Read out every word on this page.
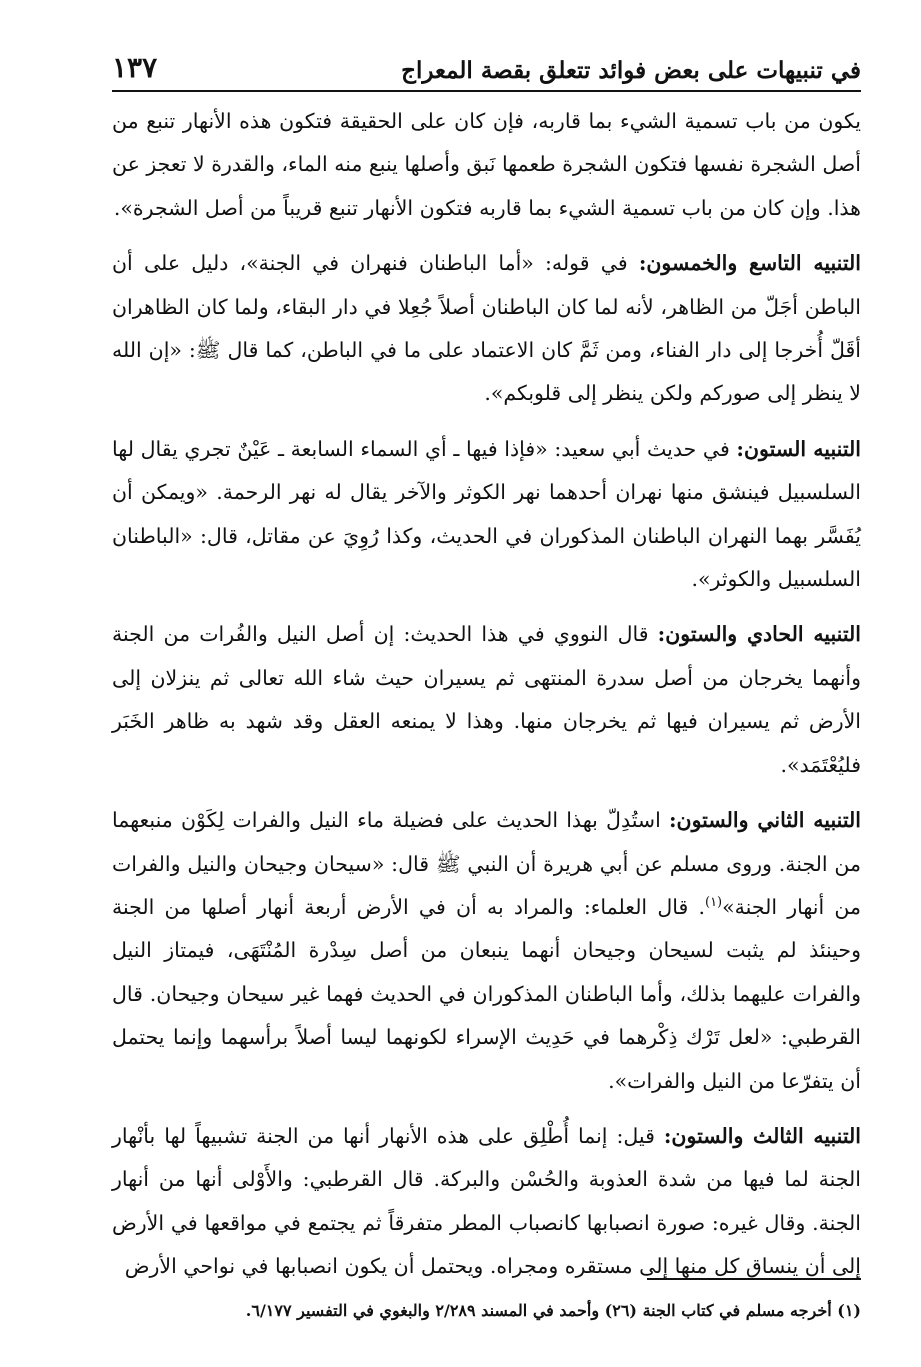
في تنبيهات على بعض فوائد تتعلق بقصة المعراج
١٣٧

يكون من باب تسمية الشيء بما قاربه، فإن كان على الحقيقة فتكون هذه الأنهار تنبع من أصل الشجرة نفسها فتكون الشجرة طعمها نَبق وأصلها ينبع منه الماء، والقدرة لا تعجز عن هذا. وإن كان من باب تسمية الشيء بما قاربه فتكون الأنهار تنبع قريباً من أصل الشجرة».

التنبيه التاسع والخمسون: في قوله: «أما الباطنان فنهران في الجنة»، دليل على أن الباطن أجَلّ من الظاهر، لأنه لما كان الباطنان أصلاً جُعِلا في دار البقاء، ولما كان الظاهران أقَلّ أُخرجا إلى دار الفناء، ومن ثَمَّ كان الاعتماد على ما في الباطن، كما قال ﷺ: «إن الله لا ينظر إلى صوركم ولكن ينظر إلى قلوبكم».

التنبيه الستون: في حديث أبي سعيد: «فإذا فيها ـ أي السماء السابعة ـ عَيْنٌ تجري يقال لها السلسبيل فينشق منها نهران أحدهما نهر الكوثر والآخر يقال له نهر الرحمة. «ويمكن أن يُفَسَّر بهما النهران الباطنان المذكوران في الحديث، وكذا رُوِيَ عن مقاتل، قال: «الباطنان السلسبيل والكوثر».

التنبيه الحادي والستون: قال النووي في هذا الحديث: إن أصل النيل والفُرات من الجنة وأنهما يخرجان من أصل سدرة المنتهى ثم يسيران حيث شاء الله تعالى ثم ينزلان إلى الأرض ثم يسيران فيها ثم يخرجان منها. وهذا لا يمنعه العقل وقد شهد به ظاهر الخَبَر فليُعْتَمَد».

التنبيه الثاني والستون: استُدِلّ بهذا الحديث على فضيلة ماء النيل والفرات لِكَوْن منبعهما من الجنة. وروى مسلم عن أبي هريرة أن النبي ﷺ قال: «سيحان وجيحان والنيل والفرات من أنهار الجنة»$^{(١)}$. قال العلماء: والمراد به أن في الأرض أربعة أنهار أصلها من الجنة وحينئذ لم يثبت لسيحان وجيحان أنهما ينبعان من أصل سِدْرة المُنْتَهَى، فيمتاز النيل والفرات عليهما بذلك، وأما الباطنان المذكوران في الحديث فهما غير سيحان وجيحان. قال القرطبي: «لعل تَرْك ذِكْرهما في حَدِيث الإسراء لكونهما ليسا أصلاً برأسهما وإنما يحتمل أن يتفرّعا من النيل والفرات».

التنبيه الثالث والستون: قيل: إنما أُطْلِق على هذه الأنهار أنها من الجنة تشبيهاً لها بأنْهار الجنة لما فيها من شدة العذوبة والحُسْن والبركة. قال القرطبي: والأَوْلى أنها من أنهار الجنة. وقال غيره: صورة انصبابها كانصباب المطر متفرقاً ثم يجتمع في مواقعها في الأرض إلى أن ينساق كل منها إلى مستقره ومجراه. ويحتمل أن يكون انصبابها في نواحي الأرض

(١) أخرجه مسلم في كتاب الجنة (٢٦) وأحمد في المسند ٢/٢٨٩ والبغوي في التفسير ٦/١٧٧.
